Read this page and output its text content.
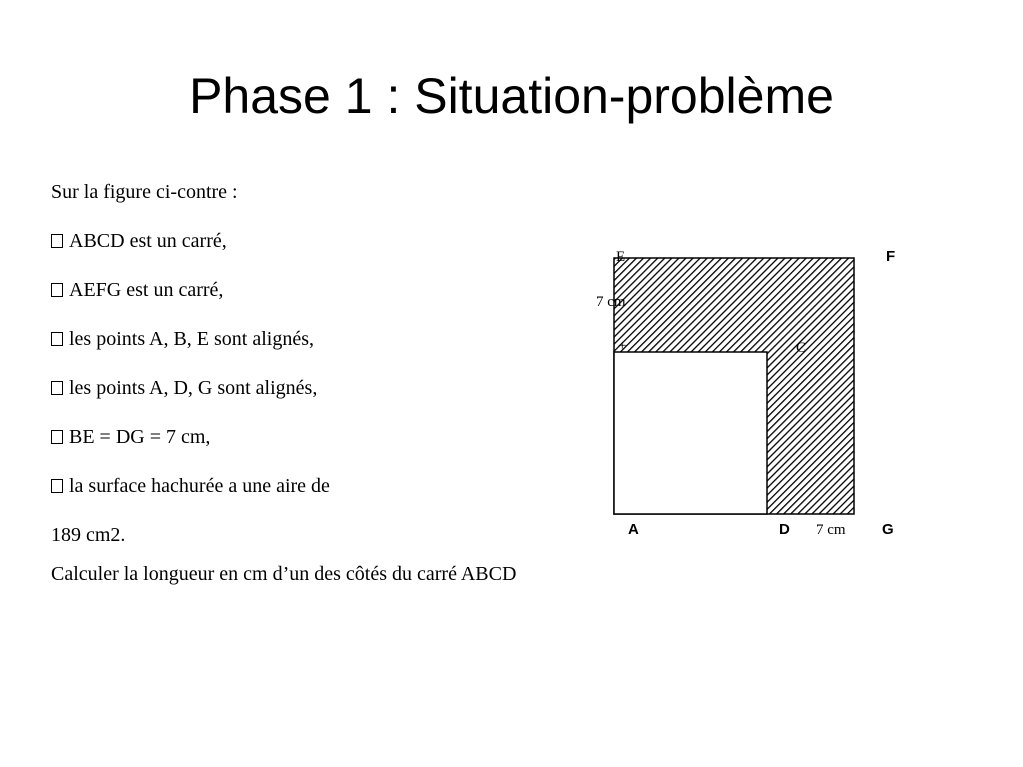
Phase 1 : Situation-problème

Sur la figure ci-contre :

ABCD est un carré,

AEFG est un carré,

les points A, B, E sont alignés,

les points A, D, G sont alignés,

BE = DG = 7 cm,

la surface hachurée a une aire de

189 cm2.

Calculer la longueur en cm d’un des côtés du carré ABCD

E	F
7 cm
+	C
A	D 7 cm G
